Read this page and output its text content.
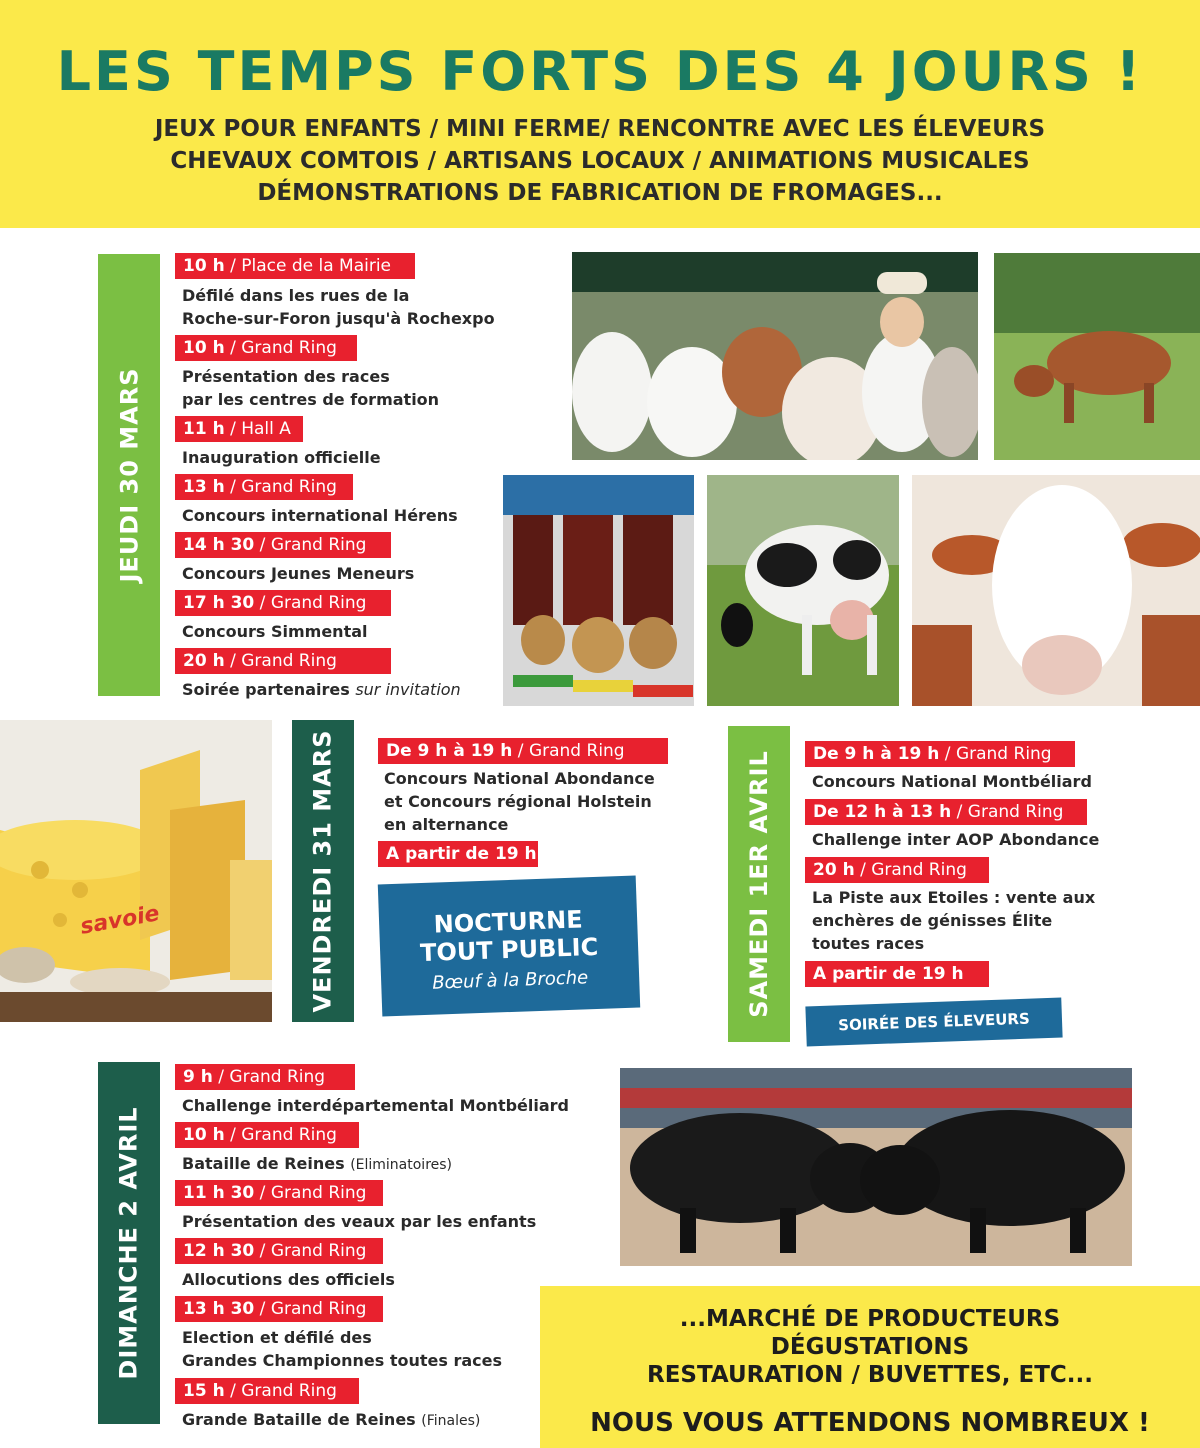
LES TEMPS FORTS DES 4 JOURS !
JEUX POUR ENFANTS / MINI FERME/ RENCONTRE AVEC LES ÉLEVEURS
CHEVAUX COMTOIS / ARTISANS LOCAUX / ANIMATIONS MUSICALES
DÉMONSTRATIONS DE FABRICATION DE FROMAGES...
JEUDI 30 MARS
10 h / Place de la Mairie
Défilé dans les rues de la
Roche-sur-Foron jusqu'à Rochexpo
10 h / Grand Ring
Présentation des races
par les centres de formation
11 h / Hall A
Inauguration officielle
13 h / Grand Ring
Concours international Hérens
14 h 30 / Grand Ring
Concours Jeunes Meneurs
17 h 30 / Grand Ring
Concours Simmental
20 h / Grand Ring
Soirée partenaires sur invitation
savoie	VENDREDI 31 MARS	De 9 h à 19 h / Grand Ring
Concours National Abondance
et Concours régional Holstein
en alternance
A partir de 19 h
NOCTURNE
TOUT PUBLIC
Bœuf à la Broche	SAMEDI 1ER AVRIL	De 9 h à 19 h / Grand Ring
Concours National Montbéliard
De 12 h à 13 h / Grand Ring
Challenge inter AOP Abondance
20 h / Grand Ring
La Piste aux Etoiles : vente aux
enchères de génisses Élite
toutes races
A partir de 19 h
SOIRÉE DES ÉLEVEURS
DIMANCHE 2 AVRIL
9 h / Grand Ring
Challenge interdépartemental Montbéliard
10 h / Grand Ring
Bataille de Reines (Eliminatoires)
11 h 30 / Grand Ring
Présentation des veaux par les enfants
12 h 30 / Grand Ring
Allocutions des officiels
13 h 30 / Grand Ring
Election et défilé des
Grandes Championnes toutes races
15 h / Grand Ring
Grande Bataille de Reines (Finales)
...MARCHÉ DE PRODUCTEURS
DÉGUSTATIONS
RESTAURATION / BUVETTES, ETC...
NOUS VOUS ATTENDONS NOMBREUX !
